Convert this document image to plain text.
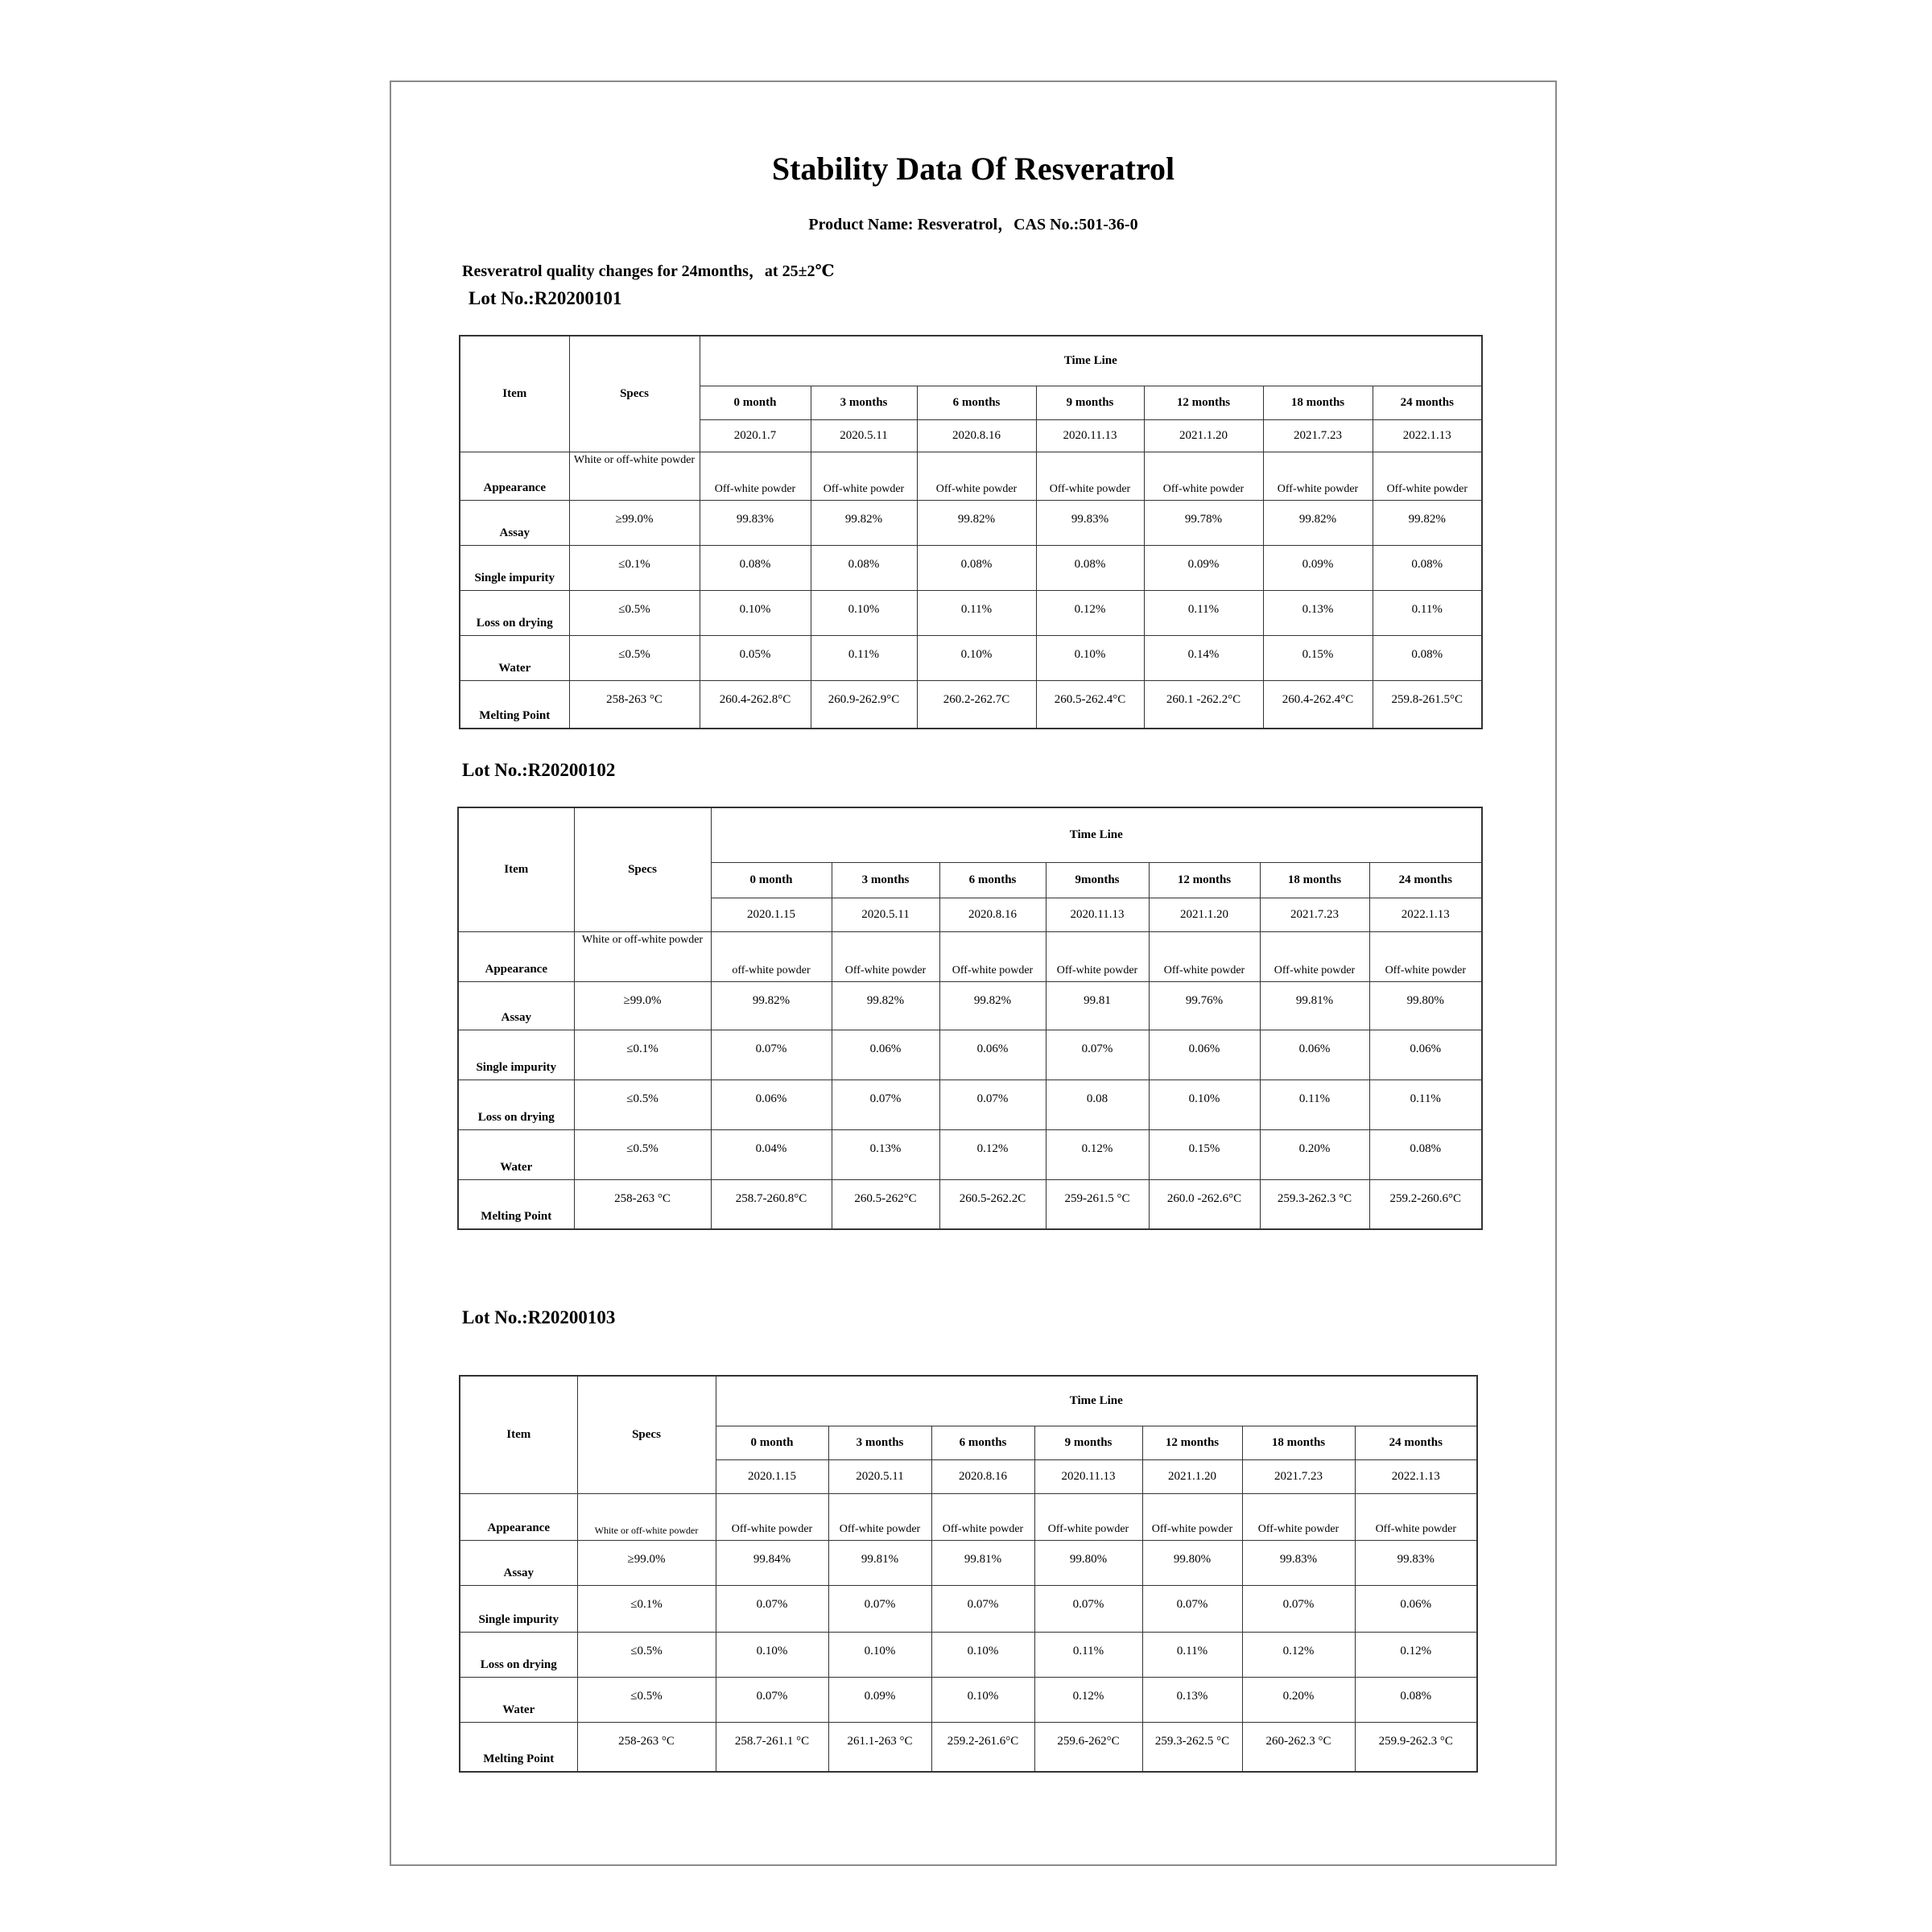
Stability Data Of Resveratrol
Product Name: Resveratrol，CAS No.:501-36-0
Resveratrol quality changes for 24months，at 25±2℃
Lot No.:R20200101
Item	Specs	Time Line						
		0 month	3 months	6 months	9 months	12 months	18 months	24 months
		2020.1.7	2020.5.11	2020.8.16	2020.11.13	2021.1.20	2021.7.23	2022.1.13
Appearance	White or off-white powder	Off-white powder	Off-white powder	Off-white powder	Off-white powder	Off-white powder	Off-white powder	Off-white powder
Assay	≥99.0%	99.83%	99.82%	99.82%	99.83%	99.78%	99.82%	99.82%
Single impurity	≤0.1%	0.08%	0.08%	0.08%	0.08%	0.09%	0.09%	0.08%
Loss on drying	≤0.5%	0.10%	0.10%	0.11%	0.12%	0.11%	0.13%	0.11%
Water	≤0.5%	0.05%	0.11%	0.10%	0.10%	0.14%	0.15%	0.08%
Melting Point	258-263 °C	260.4-262.8°C	260.9-262.9°C	260.2-262.7C	260.5-262.4°C	260.1 -262.2°C	260.4-262.4°C	259.8-261.5°C
Lot No.:R20200102
Item	Specs	Time Line						
		0 month	3 months	6 months	9months	12 months	18 months	24 months
		2020.1.15	2020.5.11	2020.8.16	2020.11.13	2021.1.20	2021.7.23	2022.1.13
Appearance	White or off-white powder	off-white powder	Off-white powder	Off-white powder	Off-white powder	Off-white powder	Off-white powder	Off-white powder
Assay	≥99.0%	99.82%	99.82%	99.82%	99.81	99.76%	99.81%	99.80%
Single impurity	≤0.1%	0.07%	0.06%	0.06%	0.07%	0.06%	0.06%	0.06%
Loss on drying	≤0.5%	0.06%	0.07%	0.07%	0.08	0.10%	0.11%	0.11%
Water	≤0.5%	0.04%	0.13%	0.12%	0.12%	0.15%	0.20%	0.08%
Melting Point	258-263 °C	258.7-260.8°C	260.5-262°C	260.5-262.2C	259-261.5 °C	260.0 -262.6°C	259.3-262.3 °C	259.2-260.6°C
Lot No.:R20200103
Item	Specs	Time Line						
		0 month	3 months	6 months	9 months	12 months	18 months	24 months
		2020.1.15	2020.5.11	2020.8.16	2020.11.13	2021.1.20	2021.7.23	2022.1.13
Appearance	White or off-white powder	Off-white powder	Off-white powder	Off-white powder	Off-white powder	Off-white powder	Off-white powder	Off-white powder
Assay	≥99.0%	99.84%	99.81%	99.81%	99.80%	99.80%	99.83%	99.83%
Single impurity	≤0.1%	0.07%	0.07%	0.07%	0.07%	0.07%	0.07%	0.06%
Loss on drying	≤0.5%	0.10%	0.10%	0.10%	0.11%	0.11%	0.12%	0.12%
Water	≤0.5%	0.07%	0.09%	0.10%	0.12%	0.13%	0.20%	0.08%
Melting Point	258-263 °C	258.7-261.1 °C	261.1-263 °C	259.2-261.6°C	259.6-262°C	259.3-262.5 °C	260-262.3 °C	259.9-262.3 °C
